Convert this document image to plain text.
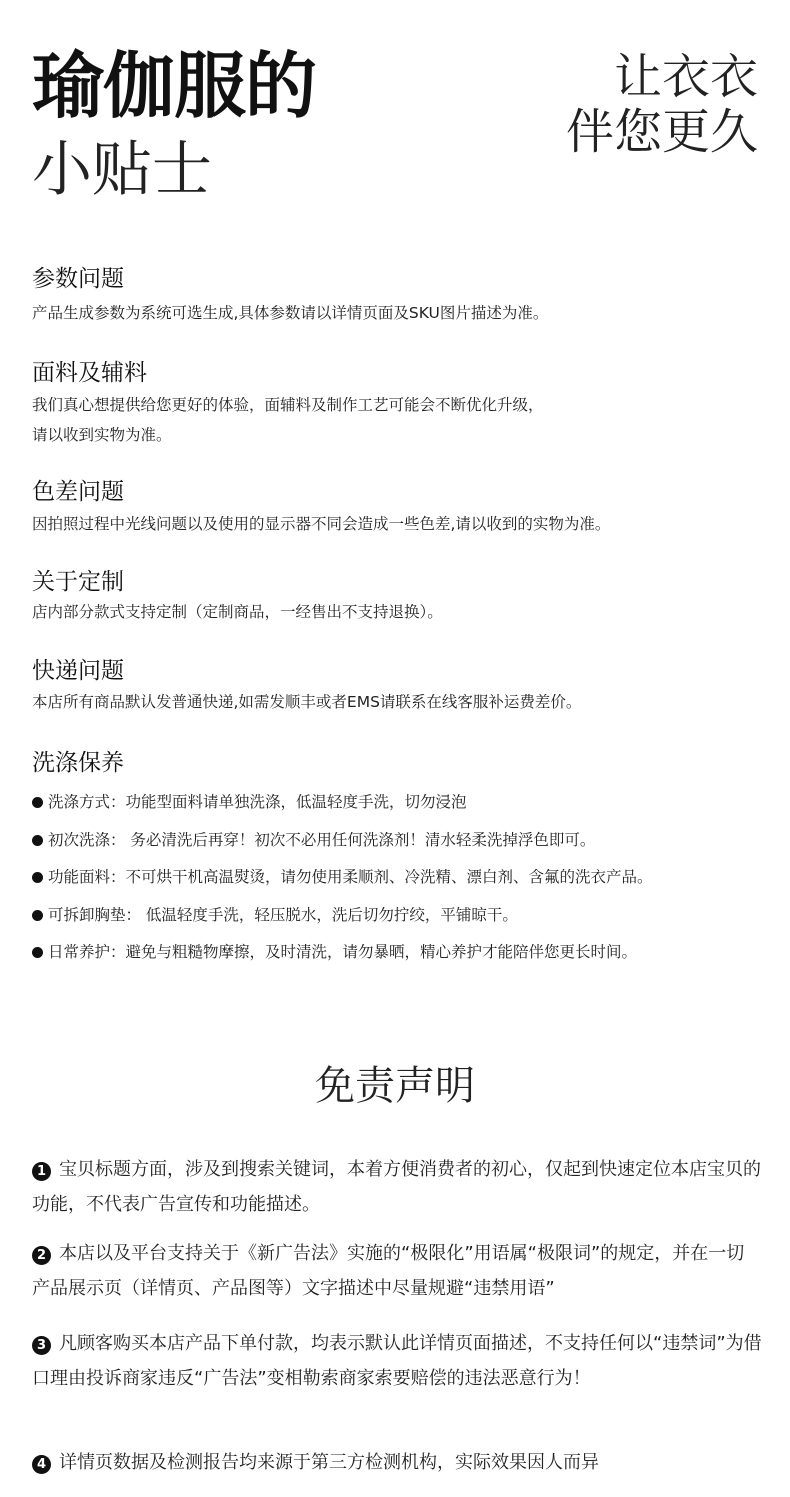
瑜伽服的
小贴士
让衣衣
伴您更久

参数问题

产品生成参数为系统可选生成,具体参数请以详情页面及SKU图片描述为准。

面料及辅料

我们真心想提供给您更好的体验，面辅料及制作工艺可能会不断优化升级，

请以收到实物为准。

色差问题

因拍照过程中光线问题以及使用的显示器不同会造成一些色差,请以收到的实物为准。

关于定制

店内部分款式支持定制（定制商品，一经售出不支持退换）。

快递问题

本店所有商品默认发普通快递,如需发顺丰或者EMS请联系在线客服补运费差价。

洗涤保养

洗涤方式：功能型面料请单独洗涤，低温轻度手洗，切勿浸泡
初次洗涤： 务必清洗后再穿！初次不必用任何洗涤剂！清水轻柔洗掉浮色即可。
功能面料：不可烘干机高温熨烫，请勿使用柔顺剂、冷洗精、漂白剂、含氟的洗衣产品。
可拆卸胸垫： 低温轻度手洗，轻压脱水，洗后切勿拧绞，平铺晾干。
日常养护：避免与粗糙物摩擦，及时清洗，请勿暴晒，精心养护才能陪伴您更长时间。
免责声明
1 宝贝标题方面，涉及到搜索关键词，本着方便消费者的初心，仅起到快速定位本店宝贝的功能，不代表广告宣传和功能描述。
2 本店以及平台支持关于《新广告法》实施的“极限化”用语属“极限词”的规定，并在一切产品展示页（详情页、产品图等）文字描述中尽量规避“违禁用语”
3 凡顾客购买本店产品下单付款，均表示默认此详情页面描述，不支持任何以“违禁词”为借口理由投诉商家违反“广告法”变相勒索商家索要赔偿的违法恶意行为！
4 详情页数据及检测报告均来源于第三方检测机构，实际效果因人而异
